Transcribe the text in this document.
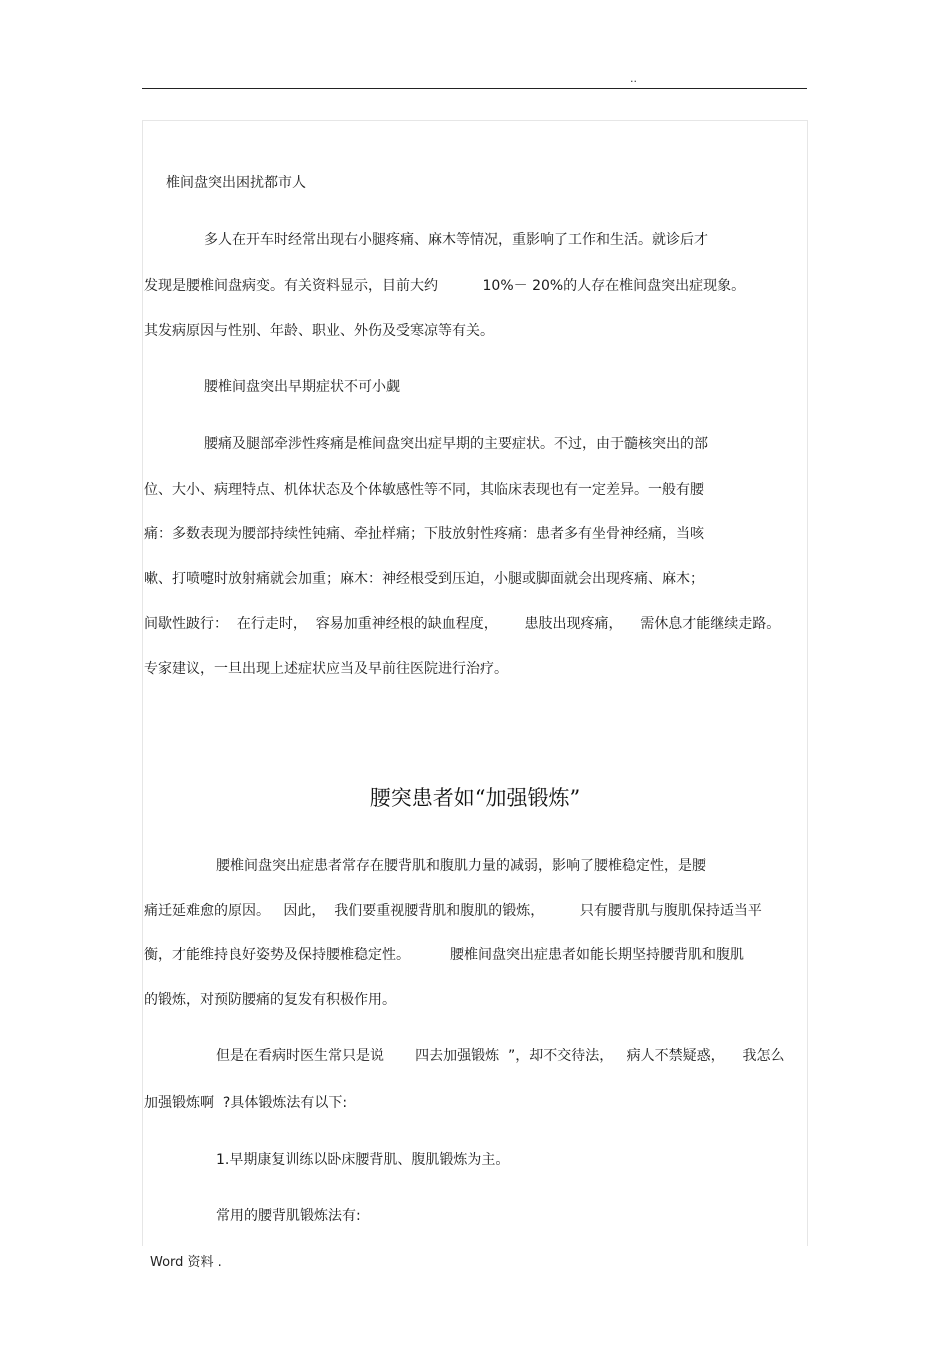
..
椎间盘突出困扰都市人
多人在开车时经常出现右小腿疼痛、麻木等情况，重影响了工作和生活。就诊后才
发现是腰椎间盘病变。有关资料显示，目前大约          10%－ 20%的人存在椎间盘突出症现象。
其发病原因与性别、年龄、职业、外伤及受寒凉等有关。
腰椎间盘突出早期症状不可小觑
腰痛及腿部牵涉性疼痛是椎间盘突出症早期的主要症状。不过，由于髓核突出的部
位、大小、病理特点、机体状态及个体敏感性等不同，其临床表现也有一定差异。一般有腰
痛：多数表现为腰部持续性钝痛、牵扯样痛；下肢放射性疼痛：患者多有坐骨神经痛，当咳
嗽、打喷嚏时放射痛就会加重；麻木：神经根受到压迫，小腿或脚面就会出现疼痛、麻木；
间歇性跛行：  在行走时，  容易加重神经根的缺血程度，      患肢出现疼痛，    需休息才能继续走路。
专家建议，一旦出现上述症状应当及早前往医院进行治疗。
腰突患者如“加强锻炼”
腰椎间盘突出症患者常存在腰背肌和腹肌力量的减弱，影响了腰椎稳定性，是腰
痛迁延难愈的原因。   因此，  我们要重视腰背肌和腹肌的锻炼，        只有腰背肌与腹肌保持适当平
衡，才能维持良好姿势及保持腰椎稳定性。         腰椎间盘突出症患者如能长期坚持腰背肌和腹肌
的锻炼，对预防腰痛的复发有积极作用。
但是在看病时医生常只是说       四去加强锻炼  ”，却不交待法，   病人不禁疑惑，    我怎么
加强锻炼啊  ?具体锻炼法有以下:
1.早期康复训练以卧床腰背肌、腹肌锻炼为主。
常用的腰背肌锻炼法有:
Word 资料 .
